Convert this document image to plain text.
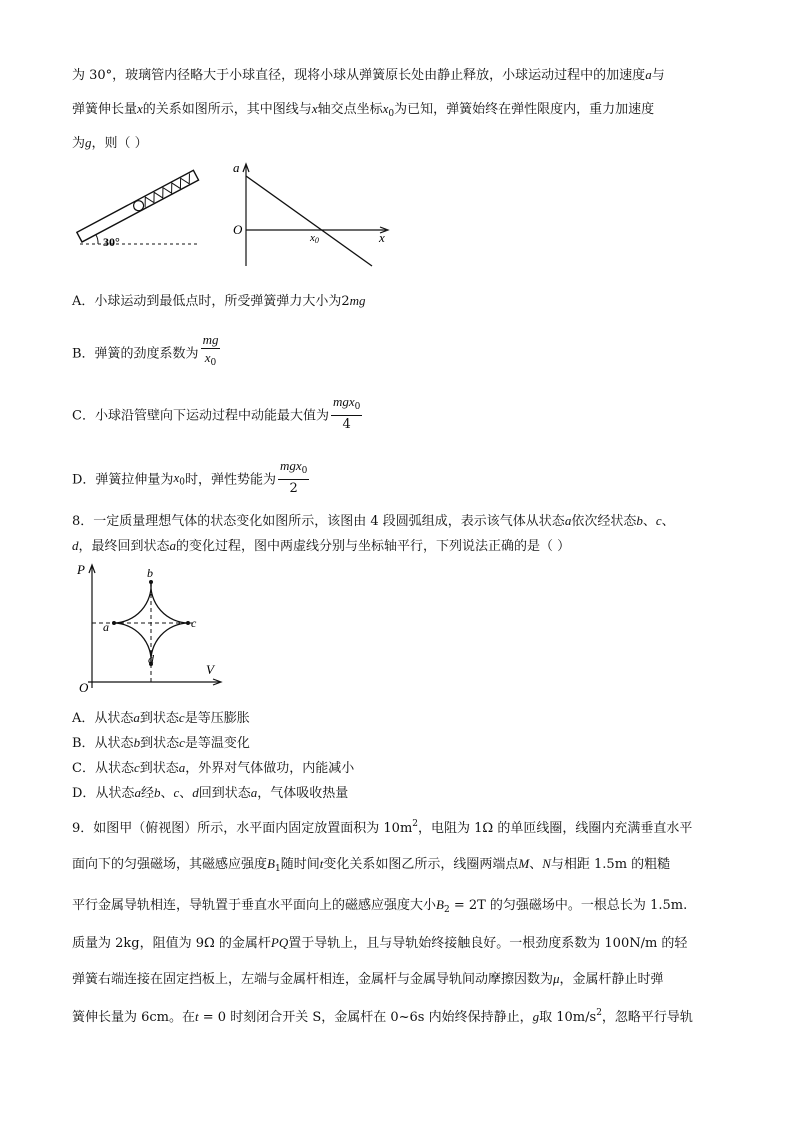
为 30°，玻璃管内径略大于小球直径，现将小球从弹簧原长处由静止释放，小球运动过程中的加速度a与
弹簧伸长量x的关系如图所示，其中图线与x轴交点坐标$x_0$为已知，弹簧始终在弹性限度内，重力加速度
为g，则（ ）
30°
a
O
x0	x
A．小球运动到最低点时，所受弹簧弹力大小为2mg
B．弹簧的劲度系数为 $\frac{mg}{x_0}$
C．小球沿管壁向下运动过程中动能最大值为 $\frac{mgx_0}{4}$
D．弹簧拉伸量为$x_0$时，弹性势能为 $\frac{mgx_0}{2}$
8．一定质量理想气体的状态变化如图所示，该图由 4 段圆弧组成，表示该气体从状态a依次经状态b、c、
d，最终回到状态a的变化过程，图中两虚线分别与坐标轴平行，下列说法正确的是（ ）
P
V
O
a
b
c
d
A．从状态a到状态c是等压膨胀
B．从状态b到状态c是等温变化
C．从状态c到状态a，外界对气体做功，内能减小
D．从状态a经b、c、d回到状态a，气体吸收热量
9．如图甲（俯视图）所示，水平面内固定放置面积为 $10m^2$，电阻为 1Ω 的单匝线圈，线圈内充满垂直水平
面向下的匀强磁场，其磁感应强度$B_1$随时间t变化关系如图乙所示，线圈两端点M、N与相距 1.5m 的粗糙
平行金属导轨相连，导轨置于垂直水平面向上的磁感应强度大小$B_2 = 2T$ 的匀强磁场中。一根总长为 1.5m.
质量为 2kg，阻值为 9Ω 的金属杆PQ置于导轨上，且与导轨始终接触良好。一根劲度系数为 100N/m 的轻
弹簧右端连接在固定挡板上，左端与金属杆相连，金属杆与金属导轨间动摩擦因数为μ，金属杆静止时弹
簧伸长量为 6cm。在t = 0 时刻闭合开关 S，金属杆在 0~6s 内始终保持静止，g取 $10m/s^2$，忽略平行导轨
